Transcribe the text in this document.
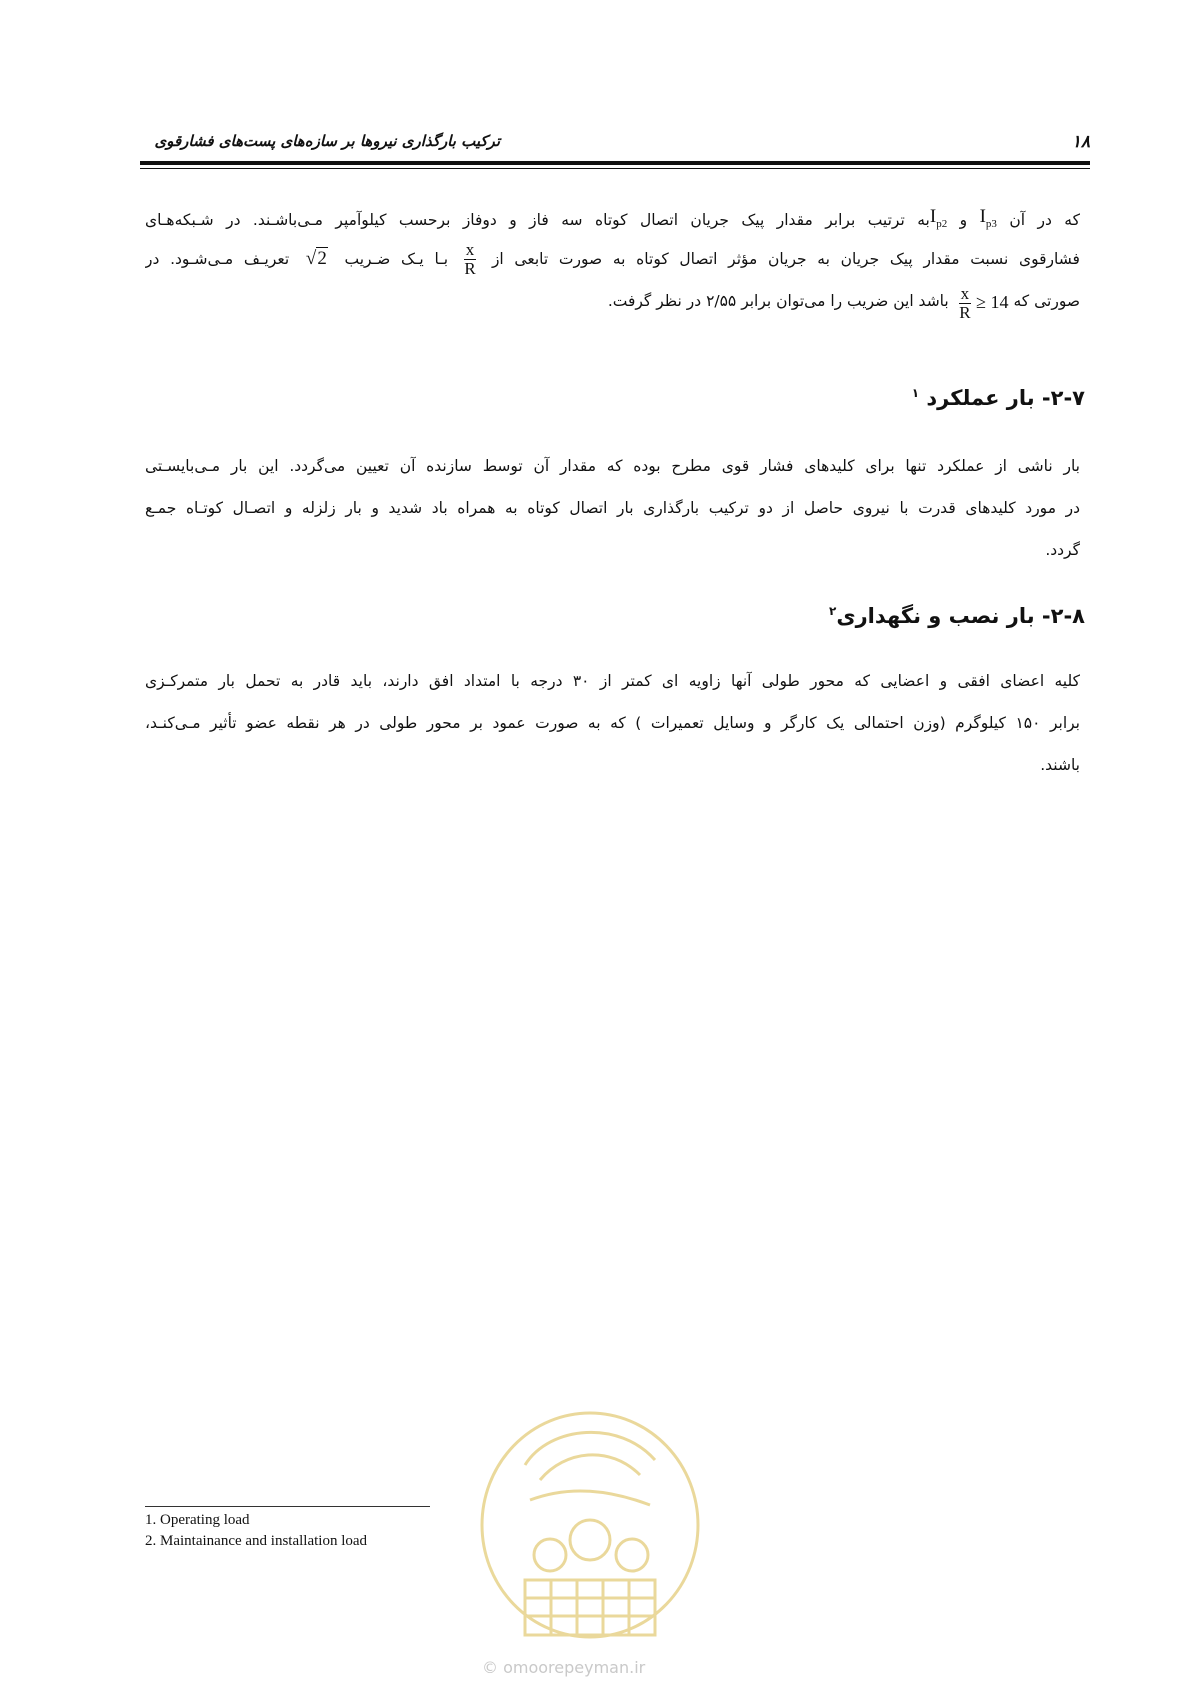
ترکیب بارگذاری نیروها بر سازه‌های پست‌های فشارقوی	۱۸
که در آن $I_{p3}$ و $I_{p2}به$ ترتیب برابر مقدار پیک جریان اتصال کوتاه سه فاز و دوفاز برحسب کیلوآمپر مـی‌باشـند. در شـبکه‌هـای
فشارقوی نسبت مقدار پیک جریان به جریان مؤثر اتصال کوتاه به صورت تابعی از
$\frac{x}{R}$
بـا یـک ضـریب √2 تعریـف مـی‌شـود. در
صورتی که
$\frac{x}{R} \ge 14$ باشد این ضریب را می‌توان برابر ۲/۵۵ در نظر گرفت.
۲-۷- بار عملکرد $^۱$
بار ناشی از عملکرد تنها برای کلیدهای فشار قوی مطرح بوده که مقدار آن توسط سازنده آن تعیین می‌گردد. این بار مـی‌بایسـتی
در مورد کلیدهای قدرت با نیروی حاصل از دو ترکیب بارگذاری بار اتصال کوتاه به همراه باد شدید و بار زلزله و اتصـال کوتـاه جمـع
گردد.
۲-۸- بار نصب و نگهداری$^۲$
کلیه اعضای افقی و اعضایی که محور طولی آنها زاویه ای کمتر از ۳۰ درجه با امتداد افق دارند، باید قادر به تحمل بار متمرکـزی
برابر ۱۵۰ کیلوگرم (وزن احتمالی یک کارگر و وسایل تعمیرات ) که به صورت عمود بر محور طولی در هر نقطه عضو تأثیر مـی‌کنـد،
باشند.
1. Operating load
2. Maintainance and installation load
© omoorepeyman.ir
